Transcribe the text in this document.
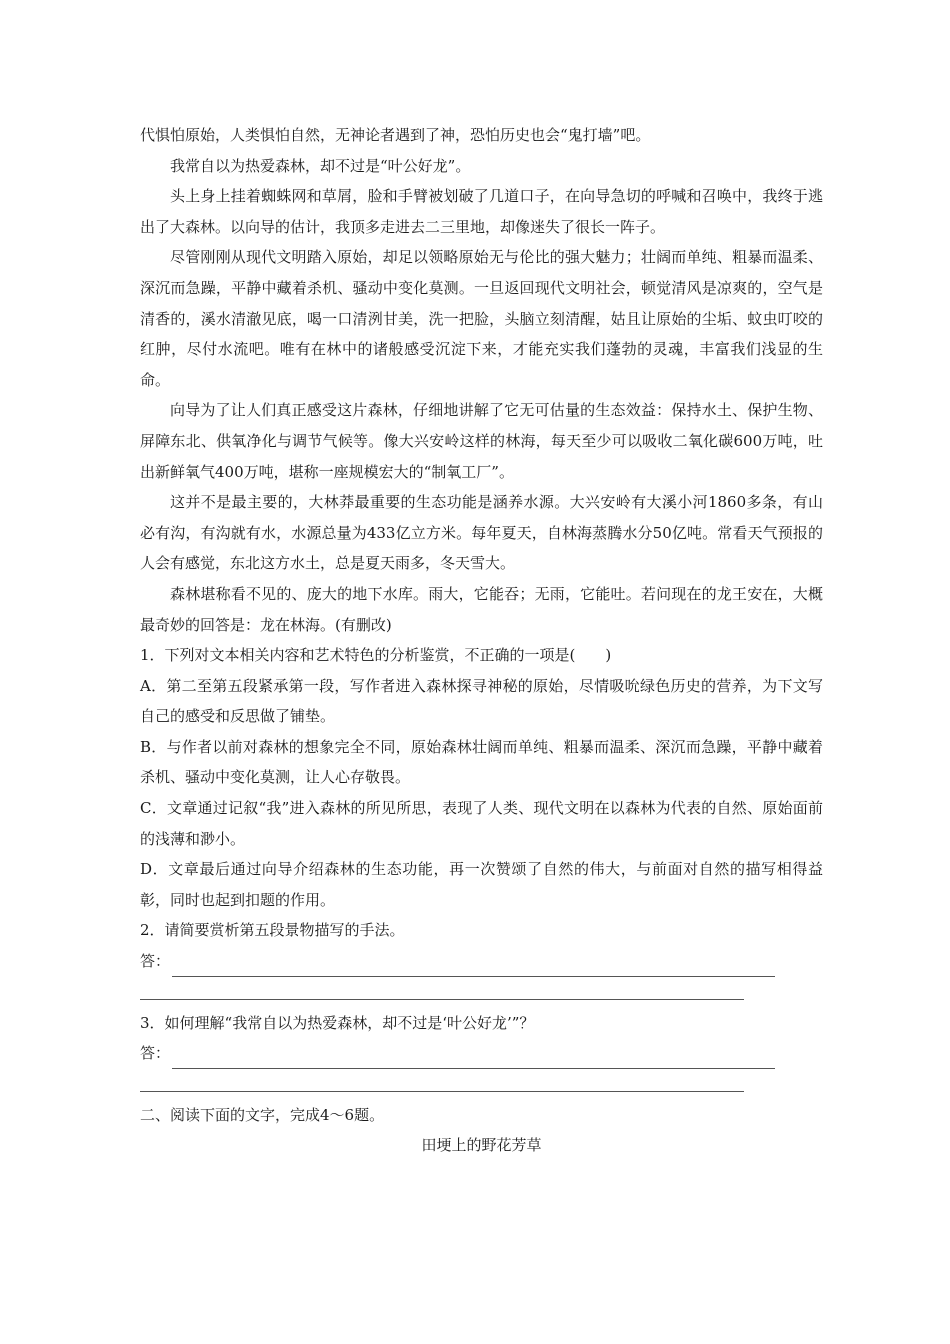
代惧怕原始，人类惧怕自然，无神论者遇到了神，恐怕历史也会“鬼打墙”吧。

我常自以为热爱森林，却不过是“叶公好龙”。

头上身上挂着蜘蛛网和草屑，脸和手臂被划破了几道口子，在向导急切的呼喊和召唤中，我终于逃出了大森林。以向导的估计，我顶多走进去二三里地，却像迷失了很长一阵子。

尽管刚刚从现代文明踏入原始，却足以领略原始无与伦比的强大魅力；壮阔而单纯、粗暴而温柔、深沉而急躁，平静中藏着杀机、骚动中变化莫测。一旦返回现代文明社会，顿觉清风是凉爽的，空气是清香的，溪水清澈见底，喝一口清洌甘美，洗一把脸，头脑立刻清醒，姑且让原始的尘垢、蚊虫叮咬的红肿，尽付水流吧。唯有在林中的诸般感受沉淀下来，才能充实我们蓬勃的灵魂，丰富我们浅显的生命。

向导为了让人们真正感受这片森林，仔细地讲解了它无可估量的生态效益：保持水土、保护生物、屏障东北、供氧净化与调节气候等。像大兴安岭这样的林海，每天至少可以吸收二氧化碳600万吨，吐出新鲜氧气400万吨，堪称一座规模宏大的“制氧工厂”。

这并不是最主要的，大林莽最重要的生态功能是涵养水源。大兴安岭有大溪小河1860多条，有山必有沟，有沟就有水，水源总量为433亿立方米。每年夏天，自林海蒸腾水分50亿吨。常看天气预报的人会有感觉，东北这方水土，总是夏天雨多，冬天雪大。

森林堪称看不见的、庞大的地下水库。雨大，它能吞；无雨，它能吐。若问现在的龙王安在，大概最奇妙的回答是：龙在林海。(有删改)

1．下列对文本相关内容和艺术特色的分析鉴赏，不正确的一项是(　　)

A．第二至第五段紧承第一段，写作者进入森林探寻神秘的原始，尽情吸吮绿色历史的营养，为下文写自己的感受和反思做了铺垫。

B．与作者以前对森林的想象完全不同，原始森林壮阔而单纯、粗暴而温柔、深沉而急躁，平静中藏着杀机、骚动中变化莫测，让人心存敬畏。

C．文章通过记叙“我”进入森林的所见所思，表现了人类、现代文明在以森林为代表的自然、原始面前的浅薄和渺小。

D．文章最后通过向导介绍森林的生态功能，再一次赞颂了自然的伟大，与前面对自然的描写相得益彰，同时也起到扣题的作用。

2．请简要赏析第五段景物描写的手法。

答：

3．如何理解“我常自以为热爱森林，却不过是‘叶公好龙’”？

答：

二、阅读下面的文字，完成4～6题。

田埂上的野花芳草
